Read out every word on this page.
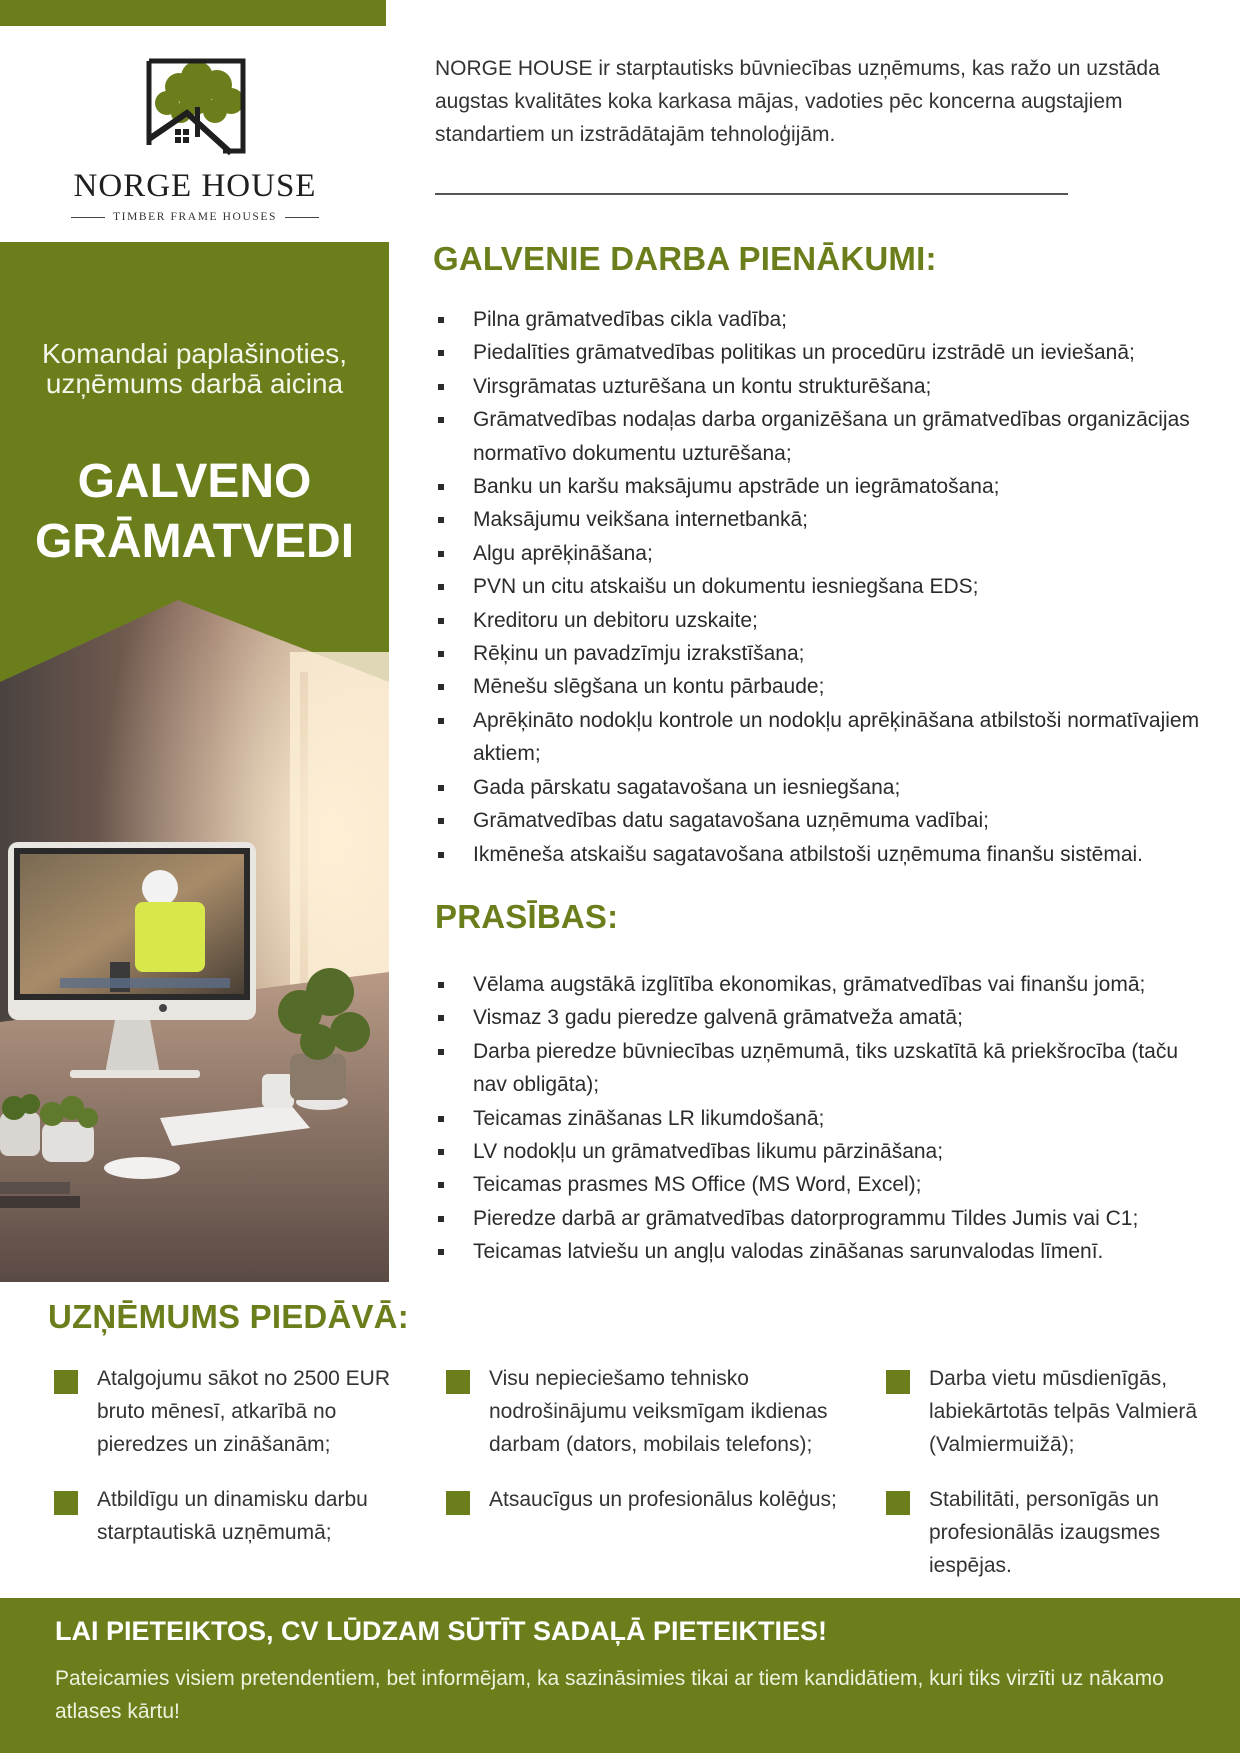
NORGE HOUSE
TIMBER FRAME HOUSES
Komandai paplašinoties, uzņēmums darbā aicina
GALVENO
GRĀMATVEDI
NORGE HOUSE ir starptautisks būvniecības uzņēmums, kas ražo un uzstāda augstas kvalitātes koka karkasa mājas, vadoties pēc koncerna augstajiem standartiem un izstrādātajām tehnoloģijām.
GALVENIE DARBA PIENĀKUMI:
Pilna grāmatvedības cikla vadība;
Piedalīties grāmatvedības politikas un procedūru izstrādē un ieviešanā;
Virsgrāmatas uzturēšana un kontu strukturēšana;
Grāmatvedības nodaļas darba organizēšana un grāmatvedības organizācijas normatīvo dokumentu uzturēšana;
Banku un karšu maksājumu apstrāde un iegrāmatošana;
Maksājumu veikšana internetbankā;
Algu aprēķināšana;
PVN un citu atskaišu un dokumentu iesniegšana EDS;
Kreditoru un debitoru uzskaite;
Rēķinu un pavadzīmju izrakstīšana;
Mēnešu slēgšana un kontu pārbaude;
Aprēķināto nodokļu kontrole un nodokļu aprēķināšana atbilstoši normatīvajiem aktiem;
Gada pārskatu sagatavošana un iesniegšana;
Grāmatvedības datu sagatavošana uzņēmuma vadībai;
Ikmēneša atskaišu sagatavošana atbilstoši uzņēmuma finanšu sistēmai.
PRASĪBAS:
Vēlama augstākā izglītība ekonomikas, grāmatvedības vai finanšu jomā;
Vismaz 3 gadu pieredze galvenā grāmatveža amatā;
Darba pieredze būvniecības uzņēmumā, tiks uzskatītā kā priekšrocība (taču nav obligāta);
Teicamas zināšanas LR likumdošanā;
LV nodokļu un grāmatvedības likumu pārzināšana;
Teicamas prasmes MS Office (MS Word, Excel);
Pieredze darbā ar grāmatvedības datorprogrammu Tildes Jumis vai C1;
Teicamas latviešu un angļu valodas zināšanas sarunvalodas līmenī.
UZŅĒMUMS PIEDĀVĀ:
Atalgojumu sākot no 2500 EUR bruto mēnesī, atkarībā no pieredzes un zināšanām;
Visu nepieciešamo tehnisko nodrošinājumu veiksmīgam ikdienas darbam (dators, mobilais telefons);
Darba vietu mūsdienīgās, labiekārtotās telpās Valmierā (Valmiermuižā);
Atbildīgu un dinamisku darbu starptautiskā uzņēmumā;
Atsaucīgus un profesionālus kolēģus;	Stabilitāti, personīgās un profesionālās izaugsmes iespējas.
LAI PIETEIKTOS, CV LŪDZAM SŪTĪT SADAĻĀ PIETEIKTIES!
Pateicamies visiem pretendentiem, bet informējam, ka sazināsimies tikai ar tiem kandidātiem, kuri tiks virzīti uz nākamo atlases kārtu!
